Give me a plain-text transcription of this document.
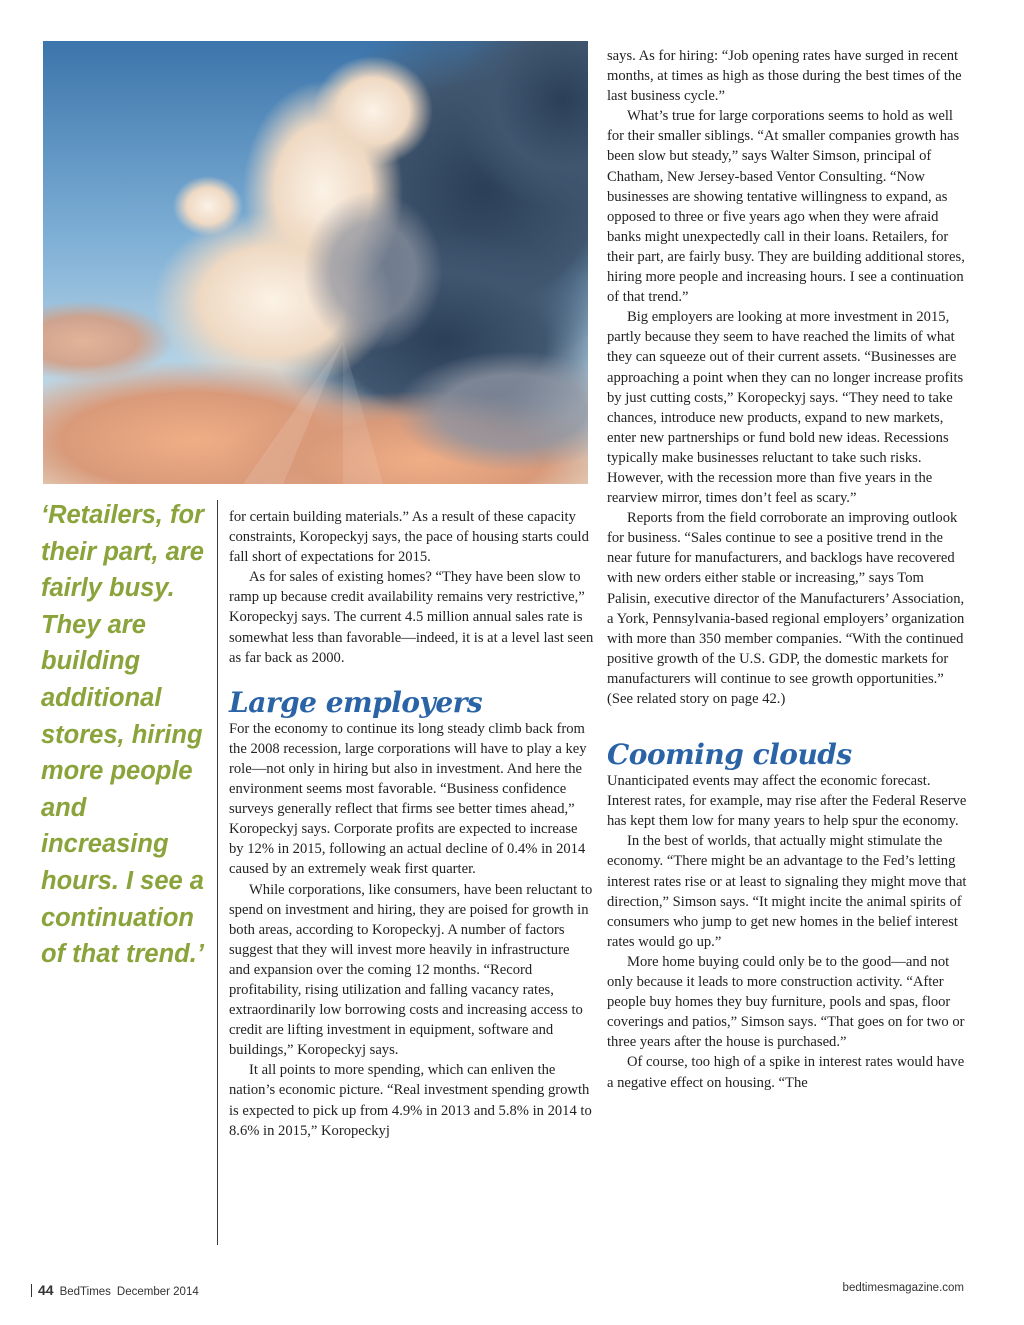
‘Retailers, for their part, are fairly busy. They are building additional stores, hiring more people and increasing hours. I see a continuation of that trend.’

for certain building materials.” As a result of these capacity constraints, Koropeckyj says, the pace of housing starts could fall short of expectations for 2015.

As for sales of existing homes? “They have been slow to ramp up because credit availability remains very restrictive,” Koropeckyj says. The current 4.5 million annual sales rate is somewhat less than favorable—indeed, it is at a level last seen as far back as 2000.

Large employers

For the economy to continue its long steady climb back from the 2008 recession, large corporations will have to play a key role—not only in hiring but also in investment. And here the environment seems most favorable. “Business confidence surveys generally reflect that firms see better times ahead,” Koropeckyj says. Corporate profits are expected to increase by 12% in 2015, following an actual decline of 0.4% in 2014 caused by an extremely weak first quarter.

While corporations, like consumers, have been reluctant to spend on investment and hiring, they are poised for growth in both areas, according to Koropeckyj. A number of factors suggest that they will invest more heavily in infrastructure and expansion over the coming 12 months. “Record profitability, rising utilization and falling vacancy rates, extraordinarily low borrowing costs and increasing access to credit are lifting investment in equipment, software and buildings,” Koropeckyj says.

It all points to more spending, which can enliven the nation’s economic picture. “Real investment spending growth is expected to pick up from 4.9% in 2013 and 5.8% in 2014 to 8.6% in 2015,” Koropeckyj

says. As for hiring: “Job opening rates have surged in recent months, at times as high as those during the best times of the last business cycle.”

What’s true for large corporations seems to hold as well for their smaller siblings. “At smaller companies growth has been slow but steady,” says Walter Simson, principal of Chatham, New Jersey-based Ventor Consulting. “Now businesses are showing tentative willingness to expand, as opposed to three or five years ago when they were afraid banks might unexpectedly call in their loans. Retailers, for their part, are fairly busy. They are building additional stores, hiring more people and increasing hours. I see a continuation of that trend.”

Big employers are looking at more investment in 2015, partly because they seem to have reached the limits of what they can squeeze out of their current assets. “Businesses are approaching a point when they can no longer increase profits by just cutting costs,” Koropeckyj says. “They need to take chances, introduce new products, expand to new markets, enter new partnerships or fund bold new ideas. Recessions typically make businesses reluctant to take such risks. However, with the recession more than five years in the rearview mirror, times don’t feel as scary.”

Reports from the field corroborate an improving outlook for business. “Sales continue to see a positive trend in the near future for manufacturers, and backlogs have recovered with new orders either stable or increasing,” says Tom Palisin, executive director of the Manufacturers’ Association, a York, Pennsylvania-based regional employers’ organization with more than 350 member companies. “With the continued positive growth of the U.S. GDP, the domestic markets for manufacturers will continue to see growth opportunities.” (See related story on page 42.)

Cooming clouds

Unanticipated events may affect the economic forecast. Interest rates, for example, may rise after the Federal Reserve has kept them low for many years to help spur the economy.

In the best of worlds, that actually might stimulate the economy. “There might be an advantage to the Fed’s letting interest rates rise or at least to signaling they might move that direction,” Simson says. “It might incite the animal spirits of consumers who jump to get new homes in the belief interest rates would go up.”

More home buying could only be to the good—and not only because it leads to more construction activity. “After people buy homes they buy furniture, pools and spas, floor coverings and patios,” Simson says. “That goes on for two or three years after the house is purchased.”

Of course, too high of a spike in interest rates would have a negative effect on housing. “The

44 BedTimes December 2014	bedtimesmagazine.com
